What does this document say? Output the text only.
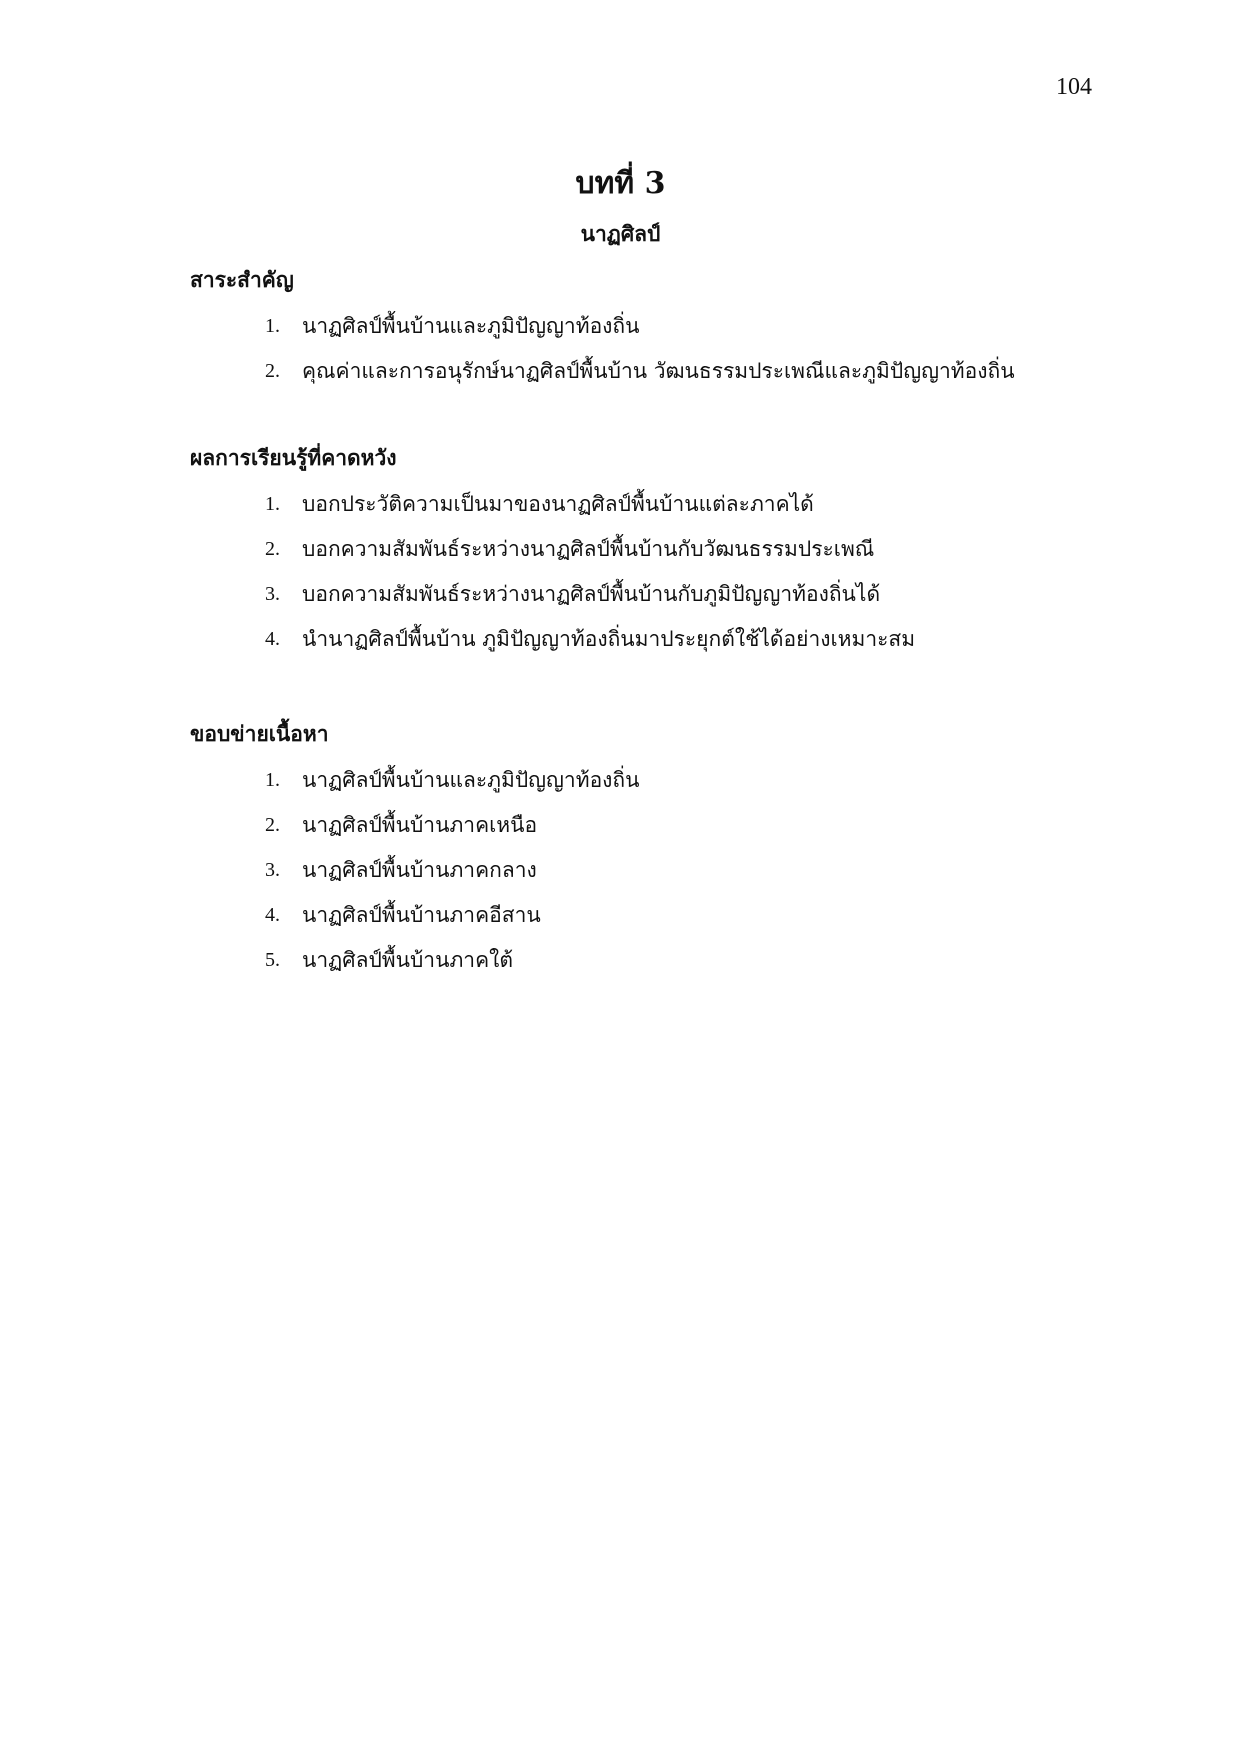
104
บทที่ 3
นาฏศิลป์
สาระสำคัญ
1.	นาฏศิลป์พื้นบ้านและภูมิปัญญาท้องถิ่น
2.	คุณค่าและการอนุรักษ์นาฏศิลป์พื้นบ้าน วัฒนธรรมประเพณีและภูมิปัญญาท้องถิ่น
ผลการเรียนรู้ที่คาดหวัง
1.	บอกประวัติความเป็นมาของนาฏศิลป์พื้นบ้านแต่ละภาคได้
2.	บอกความสัมพันธ์ระหว่างนาฏศิลป์พื้นบ้านกับวัฒนธรรมประเพณี
3.	บอกความสัมพันธ์ระหว่างนาฏศิลป์พื้นบ้านกับภูมิปัญญาท้องถิ่นได้
4.	นำนาฏศิลป์พื้นบ้าน ภูมิปัญญาท้องถิ่นมาประยุกต์ใช้ได้อย่างเหมาะสม
ขอบข่ายเนื้อหา
1.	นาฏศิลป์พื้นบ้านและภูมิปัญญาท้องถิ่น
2.	นาฏศิลป์พื้นบ้านภาคเหนือ
3.	นาฏศิลป์พื้นบ้านภาคกลาง
4.	นาฏศิลป์พื้นบ้านภาคอีสาน
5.	นาฏศิลป์พื้นบ้านภาคใต้
